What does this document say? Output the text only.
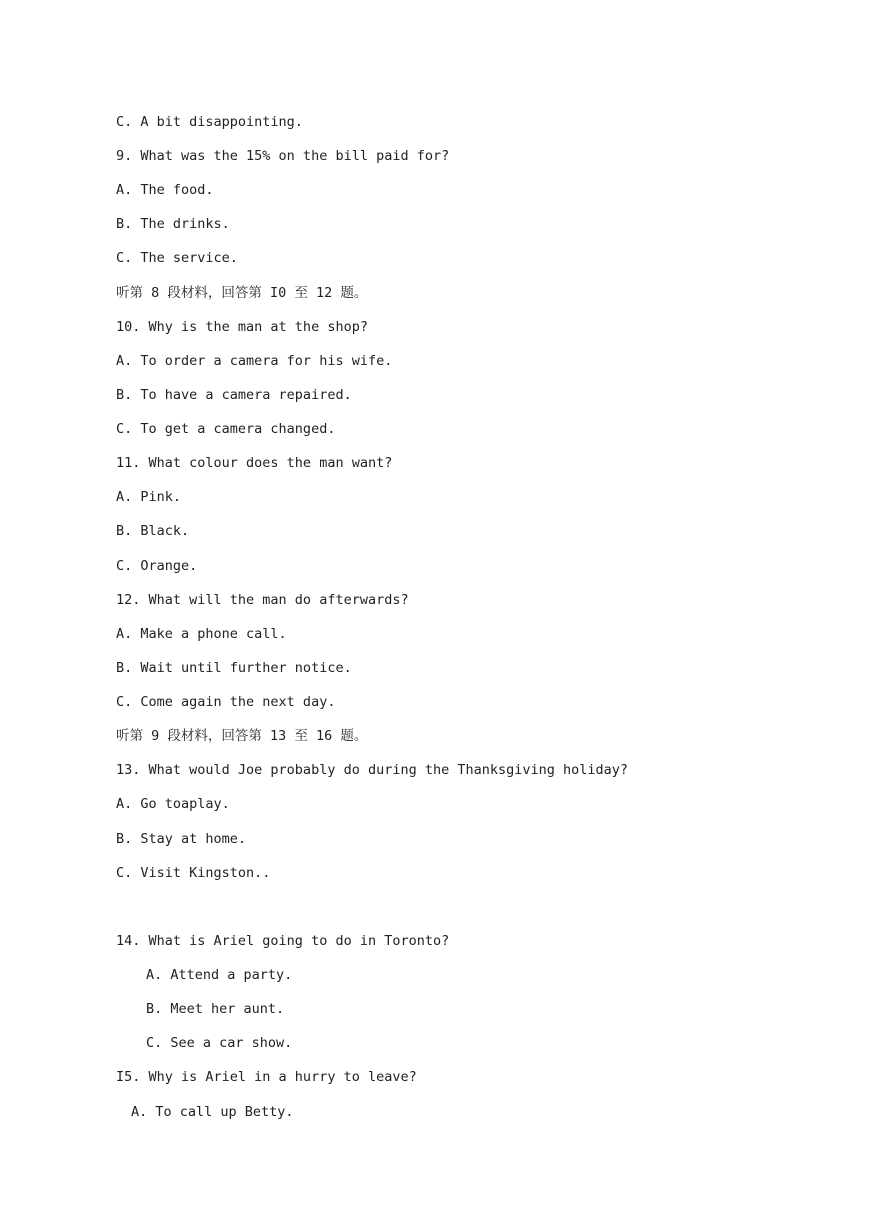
C. A bit disappointing.
9. What was the 15% on the bill paid for?
A. The food.
B. The drinks.
C. The service.
听第 8 段材料，回答第 I0 至 12 题。
10. Why is the man at the shop?
A. To order a camera for his wife.
B. To have a camera repaired.
C. To get a camera changed.
11. What colour does the man want?
A. Pink.
B. Black.
C. Orange.
12. What will the man do afterwards?
A. Make a phone call.
B. Wait until further notice.
C. Come again the next day.
听第 9 段材料，回答第 13 至 16 题。
13. What would Joe probably do during the Thanksgiving holiday?
A. Go toaplay.
B. Stay at home.
C. Visit Kingston..
14. What is Ariel going to do in Toronto?
A. Attend a party.
B. Meet her aunt.
C. See a car show.
I5. Why is Ariel in a hurry to leave?
A. To call up Betty.
